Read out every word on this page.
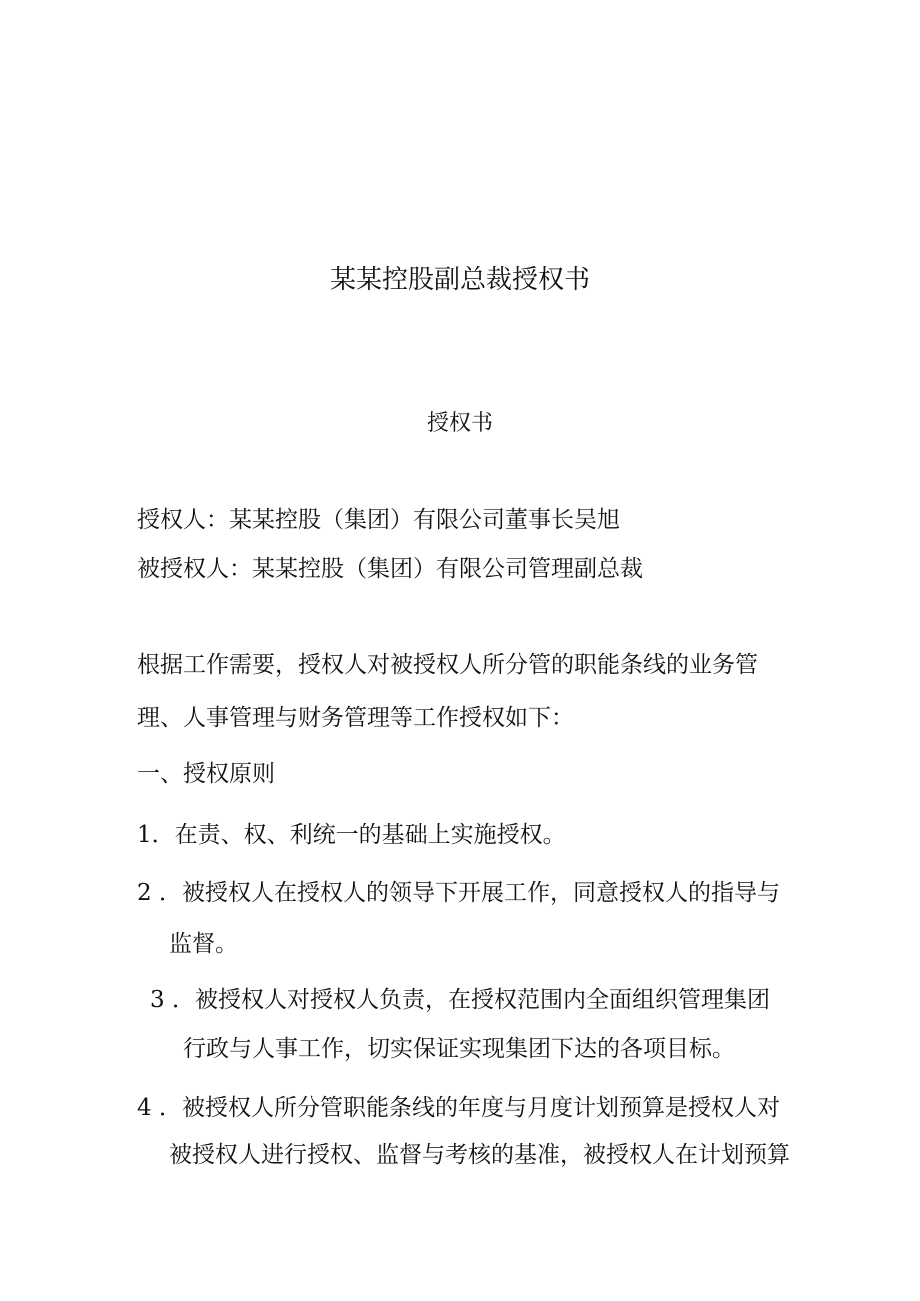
某某控股副总裁授权书
授权书
授权人：某某控股（集团）有限公司董事长吴旭
被授权人：某某控股（集团）有限公司管理副总裁
根据工作需要，授权人对被授权人所分管的职能条线的业务管
理、人事管理与财务管理等工作授权如下：
一、授权原则
1．在责、权、利统一的基础上实施授权。
2 ．被授权人在授权人的领导下开展工作，同意授权人的指导与
监督。
3 ．被授权人对授权人负责，在授权范围内全面组织管理集团
行政与人事工作，切实保证实现集团下达的各项目标。
4 ．被授权人所分管职能条线的年度与月度计划预算是授权人对
被授权人进行授权、监督与考核的基准，被授权人在计划预算
